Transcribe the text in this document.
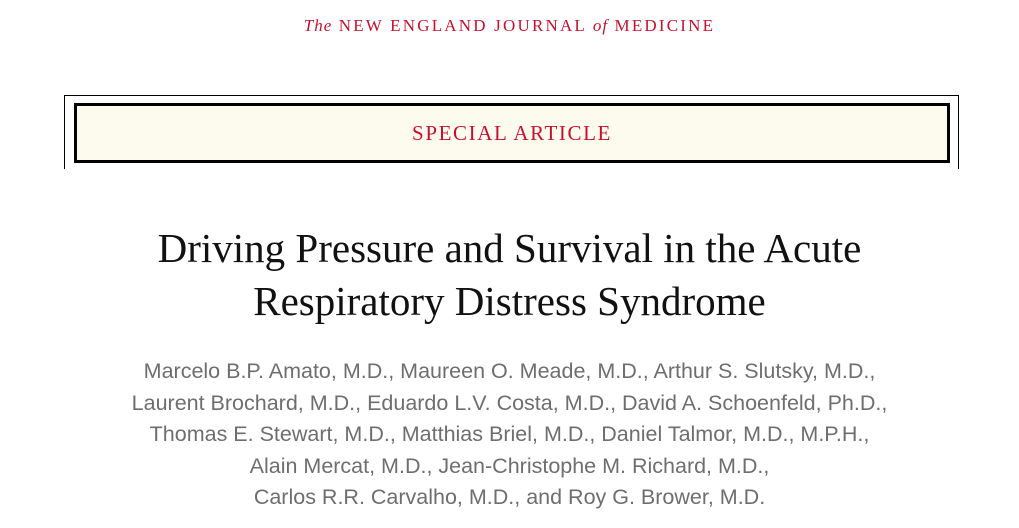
The NEW ENGLAND JOURNAL of MEDICINE
SPECIAL ARTICLE
Driving Pressure and Survival in the Acute
Respiratory Distress Syndrome
Marcelo B.P. Amato, M.D., Maureen O. Meade, M.D., Arthur S. Slutsky, M.D.,
Laurent Brochard, M.D., Eduardo L.V. Costa, M.D., David A. Schoenfeld, Ph.D.,
Thomas E. Stewart, M.D., Matthias Briel, M.D., Daniel Talmor, M.D., M.P.H.,
Alain Mercat, M.D., Jean-Christophe M. Richard, M.D.,
Carlos R.R. Carvalho, M.D., and Roy G. Brower, M.D.
